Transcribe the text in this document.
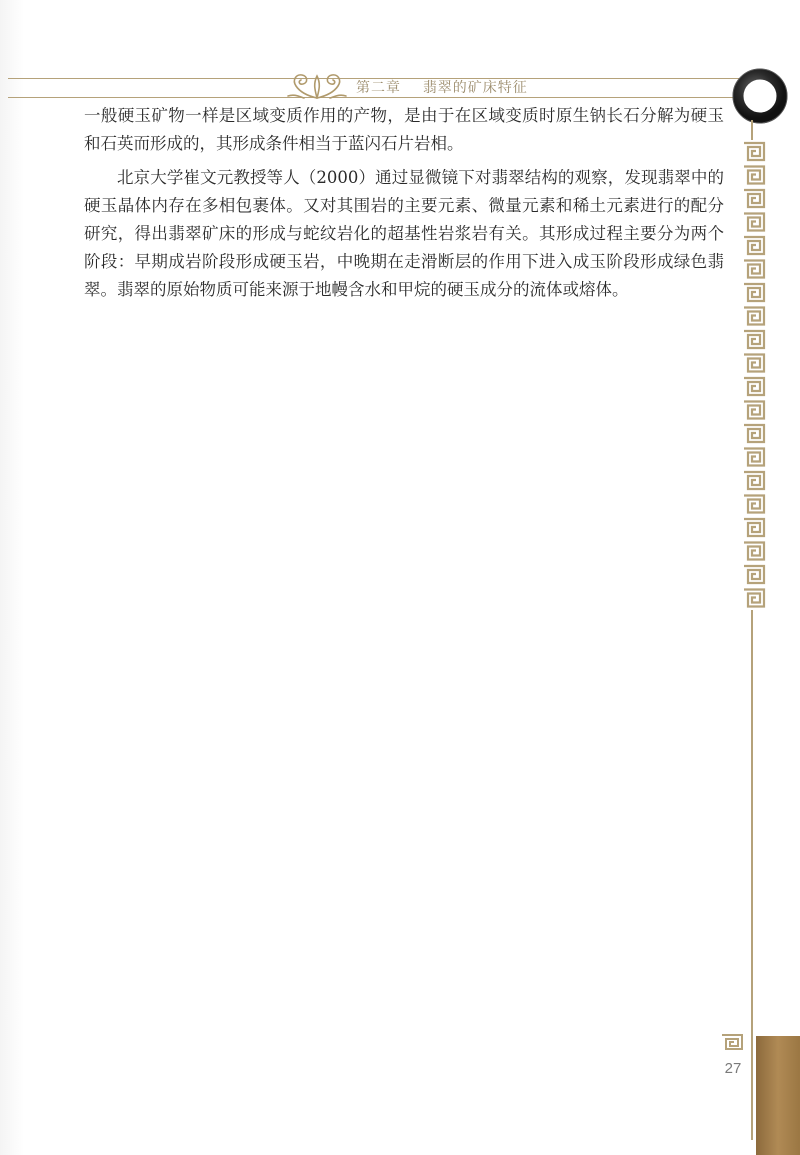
第二章 翡翠的矿床特征
27

一般硬玉矿物一样是区域变质作用的产物，是由于在区域变质时原生钠长石分解为硬玉和石英而形成的，其形成条件相当于蓝闪石片岩相。

北京大学崔文元教授等人（2000）通过显微镜下对翡翠结构的观察，发现翡翠中的硬玉晶体内存在多相包裹体。又对其围岩的主要元素、微量元素和稀土元素进行的配分研究，得出翡翠矿床的形成与蛇纹岩化的超基性岩浆岩有关。其形成过程主要分为两个阶段：早期成岩阶段形成硬玉岩，中晚期在走滑断层的作用下进入成玉阶段形成绿色翡翠。翡翠的原始物质可能来源于地幔含水和甲烷的硬玉成分的流体或熔体。
